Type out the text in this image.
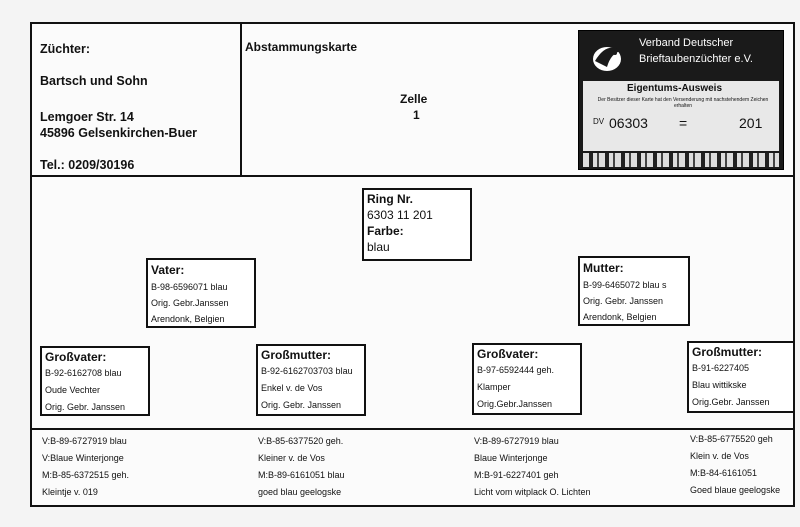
Züchter:
Bartsch und Sohn
Lemgoer Str. 14
45896 Gelsenkirchen-Buer
Tel.: 0209/30196
Abstammungskarte
Zelle
1
Verband Deutscher
Brieftaubenzüchter e.V.
Eigentums-Ausweis
Der Besitzer dieser Karte hat den Versenderung mit nachstehendem Zeichen erhalten
DV 06303 =	201
Ring Nr.
6303 11 201
Farbe:
blau
Vater:
B-98-6596071 blau
Orig. Gebr.Janssen
Arendonk, Belgien
Mutter:
B-99-6465072 blau s
Orig. Gebr. Janssen
Arendonk, Belgien
Großvater:
B-92-6162708 blau
Oude Vechter
Orig. Gebr. Janssen
Großmutter:
B-92-6162703703 blau
Enkel v. de Vos
Orig. Gebr. Janssen
Großvater:
B-97-6592444 geh.
Klamper
Orig.Gebr.Janssen
Großmutter:
B-91-6227405
Blau wittikske
Orig.Gebr. Janssen
V:B-89-6727919 blau
V:Blaue Winterjonge
M:B-85-6372515 geh.
Kleintje v. 019
V:B-85-6377520 geh.
Kleiner v. de Vos
M:B-89-6161051 blau
goed blau geelogske
V:B-89-6727919 blau
Blaue Winterjonge
M:B-91-6227401 geh
Licht vom witplack O. Lichten
V:B-85-6775520 geh
Klein v. de Vos
M:B-84-6161051
Goed blaue geelogske
